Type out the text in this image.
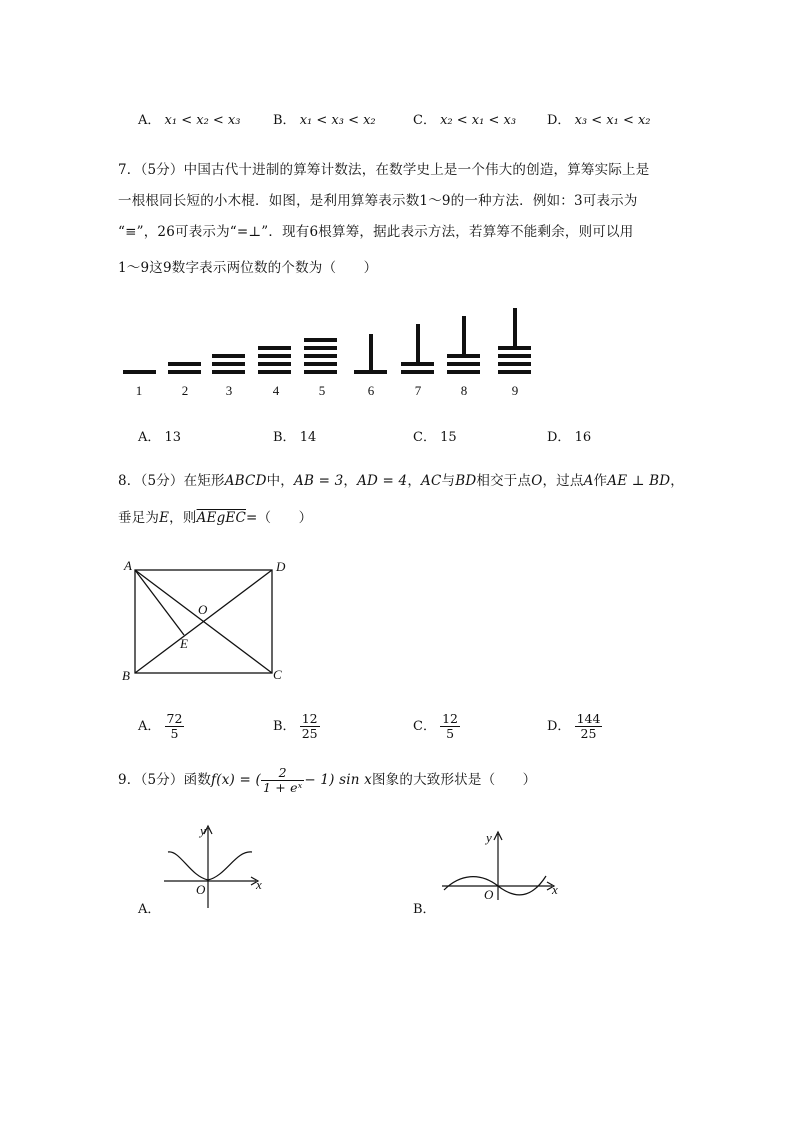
A． x₁ < x₂ < x₃	B． x₁ < x₃ < x₂	C． x₂ < x₁ < x₃ D． x₃ < x₁ < x₂
7．（5分）中国古代十进制的算筹计数法，在数学史上是一个伟大的创造，算筹实际上是
一根根同长短的小木棍．如图，是利用算筹表示数1～9的一种方法．例如：3可表示为
“≡”，26可表示为“=⊥”．现有6根算筹，据此表示方法，若算筹不能剩余，则可以用
1～9这9数字表示两位数的个数为（　　）
1	2	3	4	5	6	7	8	9
A． 13	B． 14	C． 15	D． 16
8．（5分）在矩形ABCD中，AB = 3，AD = 4，AC与BD相交于点O，过点A作AE ⊥ BD，
垂足为E，则AEgEC=（　　）
A	D
B	C
O
E
A． $\frac{72}{5}$	B． $\frac{12}{25}$	C． $\frac{12}{5}$	D． $\frac{144}{25}$
9．（5分）函数f(x) = ( $\frac{2}{\text{1 + eˣ}} - 1$) sin x图象的大致形状是（　　）
x
y
O
A．
x
y
O
B．
